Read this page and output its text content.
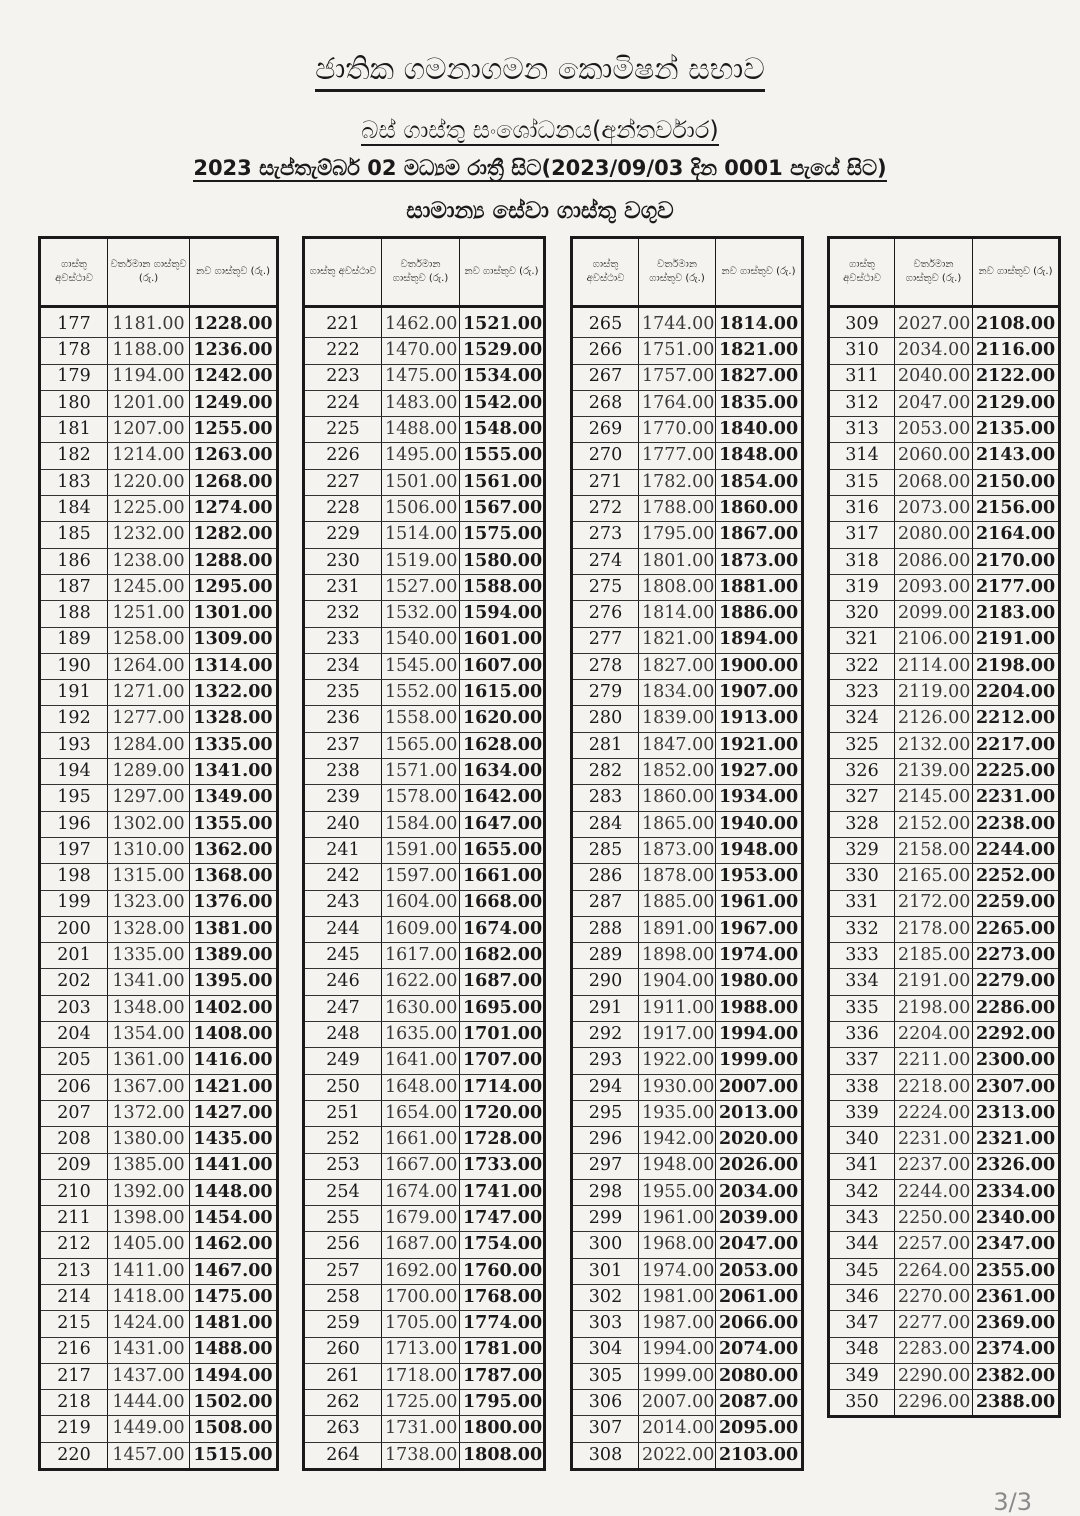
ජාතික ගමනාගමන කොමිෂන් සභාව
බස් ගාස්තු සංශෝධනය(අන්තර්වාර)
2023 සැප්තැම්බර් 02 මධ්‍යම රාත්‍රී සිට(2023/09/03 දින 0001 පැයේ සිට)
සාමාන්‍ය සේවා ගාස්තු වගුව
ගාස්තු අවස්ථාව	වර්තමාන ගාස්තුව (රු.)	නව ගාස්තුව (රු.)
177	1181.00	1228.00
178	1188.00	1236.00
179	1194.00	1242.00
180	1201.00	1249.00
181	1207.00	1255.00
182	1214.00	1263.00
183	1220.00	1268.00
184	1225.00	1274.00
185	1232.00	1282.00
186	1238.00	1288.00
187	1245.00	1295.00
188	1251.00	1301.00
189	1258.00	1309.00
190	1264.00	1314.00
191	1271.00	1322.00
192	1277.00	1328.00
193	1284.00	1335.00
194	1289.00	1341.00
195	1297.00	1349.00
196	1302.00	1355.00
197	1310.00	1362.00
198	1315.00	1368.00
199	1323.00	1376.00
200	1328.00	1381.00
201	1335.00	1389.00
202	1341.00	1395.00
203	1348.00	1402.00
204	1354.00	1408.00
205	1361.00	1416.00
206	1367.00	1421.00
207	1372.00	1427.00
208	1380.00	1435.00
209	1385.00	1441.00
210	1392.00	1448.00
211	1398.00	1454.00
212	1405.00	1462.00
213	1411.00	1467.00
214	1418.00	1475.00
215	1424.00	1481.00
216	1431.00	1488.00
217	1437.00	1494.00
218	1444.00	1502.00
219	1449.00	1508.00
220	1457.00	1515.00
ගාස්තු අවස්ථාව	වර්තමාන ගාස්තුව (රු.)	නව ගාස්තුව (රු.)
221	1462.00	1521.00
222	1470.00	1529.00
223	1475.00	1534.00
224	1483.00	1542.00
225	1488.00	1548.00
226	1495.00	1555.00
227	1501.00	1561.00
228	1506.00	1567.00
229	1514.00	1575.00
230	1519.00	1580.00
231	1527.00	1588.00
232	1532.00	1594.00
233	1540.00	1601.00
234	1545.00	1607.00
235	1552.00	1615.00
236	1558.00	1620.00
237	1565.00	1628.00
238	1571.00	1634.00
239	1578.00	1642.00
240	1584.00	1647.00
241	1591.00	1655.00
242	1597.00	1661.00
243	1604.00	1668.00
244	1609.00	1674.00
245	1617.00	1682.00
246	1622.00	1687.00
247	1630.00	1695.00
248	1635.00	1701.00
249	1641.00	1707.00
250	1648.00	1714.00
251	1654.00	1720.00
252	1661.00	1728.00
253	1667.00	1733.00
254	1674.00	1741.00
255	1679.00	1747.00
256	1687.00	1754.00
257	1692.00	1760.00
258	1700.00	1768.00
259	1705.00	1774.00
260	1713.00	1781.00
261	1718.00	1787.00
262	1725.00	1795.00
263	1731.00	1800.00
264	1738.00	1808.00
ගාස්තු අවස්ථාව	වර්තමාන ගාස්තුව (රු.)	නව ගාස්තුව (රු.)
265	1744.00	1814.00
266	1751.00	1821.00
267	1757.00	1827.00
268	1764.00	1835.00
269	1770.00	1840.00
270	1777.00	1848.00
271	1782.00	1854.00
272	1788.00	1860.00
273	1795.00	1867.00
274	1801.00	1873.00
275	1808.00	1881.00
276	1814.00	1886.00
277	1821.00	1894.00
278	1827.00	1900.00
279	1834.00	1907.00
280	1839.00	1913.00
281	1847.00	1921.00
282	1852.00	1927.00
283	1860.00	1934.00
284	1865.00	1940.00
285	1873.00	1948.00
286	1878.00	1953.00
287	1885.00	1961.00
288	1891.00	1967.00
289	1898.00	1974.00
290	1904.00	1980.00
291	1911.00	1988.00
292	1917.00	1994.00
293	1922.00	1999.00
294	1930.00	2007.00
295	1935.00	2013.00
296	1942.00	2020.00
297	1948.00	2026.00
298	1955.00	2034.00
299	1961.00	2039.00
300	1968.00	2047.00
301	1974.00	2053.00
302	1981.00	2061.00
303	1987.00	2066.00
304	1994.00	2074.00
305	1999.00	2080.00
306	2007.00	2087.00
307	2014.00	2095.00
308	2022.00	2103.00
ගාස්තු අවස්ථාව	වර්තමාන ගාස්තුව (රු.)	නව ගාස්තුව (රු.)
309	2027.00	2108.00
310	2034.00	2116.00
311	2040.00	2122.00
312	2047.00	2129.00
313	2053.00	2135.00
314	2060.00	2143.00
315	2068.00	2150.00
316	2073.00	2156.00
317	2080.00	2164.00
318	2086.00	2170.00
319	2093.00	2177.00
320	2099.00	2183.00
321	2106.00	2191.00
322	2114.00	2198.00
323	2119.00	2204.00
324	2126.00	2212.00
325	2132.00	2217.00
326	2139.00	2225.00
327	2145.00	2231.00
328	2152.00	2238.00
329	2158.00	2244.00
330	2165.00	2252.00
331	2172.00	2259.00
332	2178.00	2265.00
333	2185.00	2273.00
334	2191.00	2279.00
335	2198.00	2286.00
336	2204.00	2292.00
337	2211.00	2300.00
338	2218.00	2307.00
339	2224.00	2313.00
340	2231.00	2321.00
341	2237.00	2326.00
342	2244.00	2334.00
343	2250.00	2340.00
344	2257.00	2347.00
345	2264.00	2355.00
346	2270.00	2361.00
347	2277.00	2369.00
348	2283.00	2374.00
349	2290.00	2382.00
350	2296.00	2388.00
3/3
